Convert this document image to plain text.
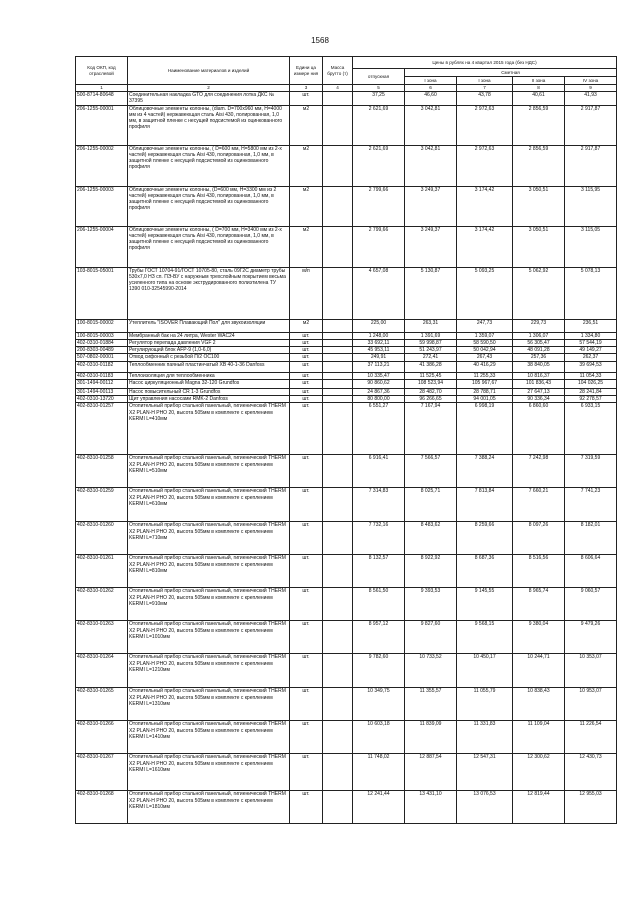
1568
Код ОКП, код отраслевой	Наименование материалов и изделий	Едини ца измере ния	Масса брутто (т)	Цены в рублях на 4 квартал 2015 года (без НДС)				
				отпускная	Сметная			
					I зона	I зона	II зона	IV зона
1	2	3	4	5	6	7	8	9
500-8714-80648	Соединительная накладка GTO для соединения лотка ДКС № 37395	шт.		37,25	46,60	43,78	40,61	41,93
206-1255-00001	Облицовочные элементы колонны, (diam. D=700х960 мм, H=4000 мм из 4 частей) нержавеющая сталь Aisi 430, полированная, 1,0 мм, в защитной пленке с несущей подсистемой из оцинкованного профиля	м2		2 621,69	3 042,81	2 972,63	2 856,59	2 917,87
206-1255-00002	Облицовочные элементы колонны, ( D=600 мм, H=5800 мм из 2-х частей) нержавеющая сталь Aisi 430, полированная, 1,0 мм, в защитной пленке с несущей подсистемой из оцинкованного профиля	м2		2 621,69	3 042,81	2 972,63	2 856,59	2 917,87
206-1255-00003	Облицовочные элементы колонны, (D=600 мм, H=3300 мм из 2 частей) нержавеющая сталь Aisi 430, полированная, 1,0 мм, в защитной пленке с несущей подсистемой из оцинкованного профиля	м2		2 799,66	3 249,37	3 174,42	3 050,51	3 115,95
206-1255-00004	Облицовочные элементы колонны, ( D=700 мм, H=3400 мм из 2-х частей) нержавеющая сталь Aisi 430, полированная, 1,0 мм, в защитной пленке с несущей подсистемой из оцинкованного профиля	м2		2 799,66	3 249,37	3 174,42	3 050,51	3 115,05
103-8015-05001	Трубы ГОСТ 10704-91/ГОСТ 10705-80, сталь 09Г2С диаметр трубы 530х7,0 НЗ сп. ПЭ-ВУ с наружным трехслойным покрытием весьма усиленного типа на основе экструдированного полиэтилена ТУ 1390 010-32545990-2014	м/п		4 657,08	5 130,87	5 093,25	5 062,92	5 078,13
100-8015-00002	Утеплитель "ISOVER Плавающий Пол" для звукоизоляции	м2		225,00	263,31	247,73	229,73	236,51
100-8015-00003	Мембранный бак на 24 литра, Wester WAC24	шт.		1 248,00	1 391,69	1 359,07	1 306,07	1 334,80
402-0310-01884	Регулятор перепада давления VGF 2	шт.		33 692,11	59 998,87	58 590,50	56 305,47	57 544,19
200-8303-00489	Регулирующий блок AFP-9 (1,0-6,0)	шт.		45 953,11	51 243,97	50 042,94	48 091,28	49 149,27
507-0802-00001	Отвод сифонный с резьбой П/2 ОС100	шт.		249,91	272,41	267,43	257,36	262,37
402-0310-01182	Теплообменник паяный пластинчатый ХВ 40-1-36 Danfoss	шт.		37 113,21	41 386,28	40 416,29	38 840,05	39 694,53
402-0310-01183	Теплоизоляция для теплообменника	шт.		10 335,47	11 525,45	11 255,33	10 816,37	11 054,33
301-1494-00112	Насос циркуляционный Magna 32-120 Grundfos	шт.		90 860,62	108 523,94	105 967,67	101 836,43	104 026,25
301-1494-00113	Насос повысительный CR 1-3 Grundfos	шт.		24 867,36	28 482,70	28 788,71	27 647,13	28 241,84
402-0310-13720	Щит управления насосами RMK-2 Danfoss	шт.		80 800,00	96 266,65	94 001,05	90 336,34	92 278,57
402-8310-01257	Отопительный прибор стальной панельный, гигиенический THERM X2 PLAN-H PHO 20, высота 505мм в комплекте с креплением KERMI L=410мм	шт.		6 551,27	7 167,94	6 998,19	6 860,60	6 933,15
402-8310-01258	Отопительный прибор стальной панельный, гигиенический THERM X2 PLAN-H PHO 20, высота 505мм в комплекте с креплением KERMI L=510мм	шт.		6 916,41	7 566,57	7 388,24	7 242,98	7 319,59
402-8310-01259	Отопительный прибор стальной панельный, гигиенический THERM X2 PLAN-H PHO 20, высота 505мм в комплекте с креплением KERMI L=610мм	шт.		7 314,83	8 025,71	7 813,84	7 660,21	7 741,23
402-8310-01260	Отопительный прибор стальной панельный, гигиенический THERM X2 PLAN-H PHO 20, высота 505мм в комплекте с креплением KERMI L=710мм	шт.		7 732,16	8 483,62	8 259,66	8 097,26	8 182,01
402-8310-01261	Отопительный прибор стальной панельный, гигиенический THERM X2 PLAN-H PHO 20, высота 505мм в комплекте с креплением KERMI L=810мм	шт.		8 132,57	8 922,92	8 687,36	8 516,56	8 606,64
402-8310-01262	Отопительный прибор стальной панельный, гигиенический THERM X2 PLAN-H PHO 20, высота 505мм в комплекте с креплением KERMI L=910мм	шт.		8 561,50	9 393,53	9 145,55	8 965,74	9 060,57
402-8310-01263	Отопительный прибор стальной панельный, гигиенический THERM X2 PLAN-H PHO 20, высота 505мм в комплекте с креплением KERMI L=1010мм	шт.		8 957,12	9 827,60	9 568,15	9 380,04	9 479,26
402-8310-01264	Отопительный прибор стальной панельный, гигиенический THERM X2 PLAN-H PHO 20, высота 505мм в комплекте с креплением KERMI L=1210мм	шт.		9 782,60	10 733,52	10 450,17	10 244,71	10 353,07
402-8310-01265	Отопительный прибор стальной панельный, гигиенический THERM X2 PLAN-H PHO 20, высота 505мм в комплекте с креплением KERMI L=1310мм	шт.		10 349,75	11 355,57	11 055,79	10 838,43	10 953,07
402-8310-01266	Отопительный прибор стальной панельный, гигиенический THERM X2 PLAN-H PHO 20, высота 505мм в комплекте с креплением KERMI L=1410мм	шт.		10 603,18	11 839,09	11 331,83	11 109,04	11 226,54
402-8310-01267	Отопительный прибор стальной панельный, гигиенический THERM X2 PLAN-H PHO 20, высота 505мм в комплекте с креплением KERMI L=1610мм	шт.		11 748,02	12 887,54	12 547,31	12 300,62	12 430,73
402-8310-01268	Отопительный прибор стальной панельный, гигиенический THERM X2 PLAN-H PHO 20, высота 505мм в комплекте с креплением KERMI L=1810мм	шт.		12 241,44	13 431,10	13 076,53	12 819,44	12 955,03
